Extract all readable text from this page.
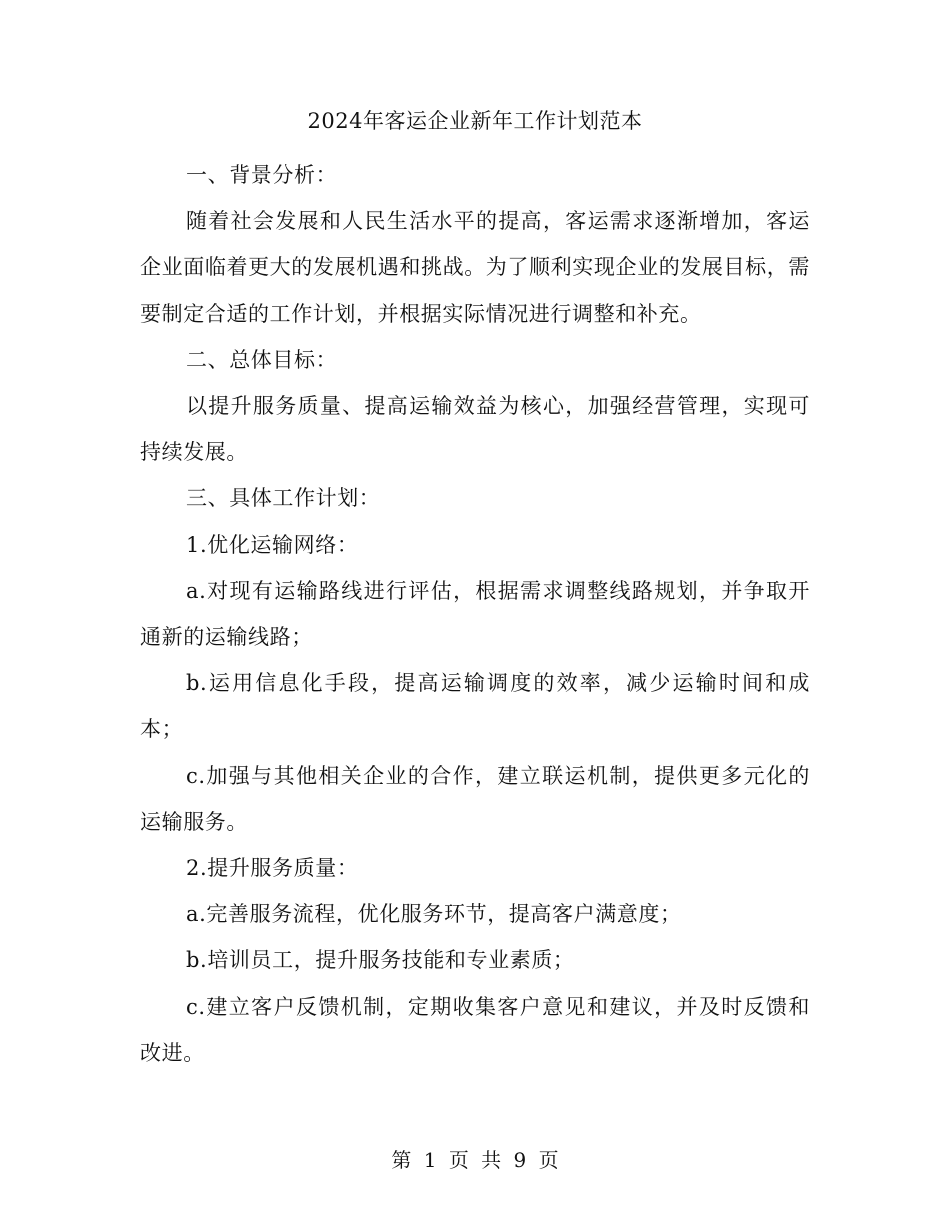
2024年客运企业新年工作计划范本

一、背景分析：

随着社会发展和人民生活水平的提高，客运需求逐渐增加，客运企业面临着更大的发展机遇和挑战。为了顺利实现企业的发展目标，需要制定合适的工作计划，并根据实际情况进行调整和补充。

二、总体目标：

以提升服务质量、提高运输效益为核心，加强经营管理，实现可持续发展。

三、具体工作计划：

1.优化运输网络：

a.对现有运输路线进行评估，根据需求调整线路规划，并争取开通新的运输线路；

b.运用信息化手段，提高运输调度的效率，减少运输时间和成本；

c.加强与其他相关企业的合作，建立联运机制，提供更多元化的运输服务。

2.提升服务质量：

a.完善服务流程，优化服务环节，提高客户满意度；

b.培训员工，提升服务技能和专业素质；

c.建立客户反馈机制，定期收集客户意见和建议，并及时反馈和改进。

第 1 页 共 9 页
